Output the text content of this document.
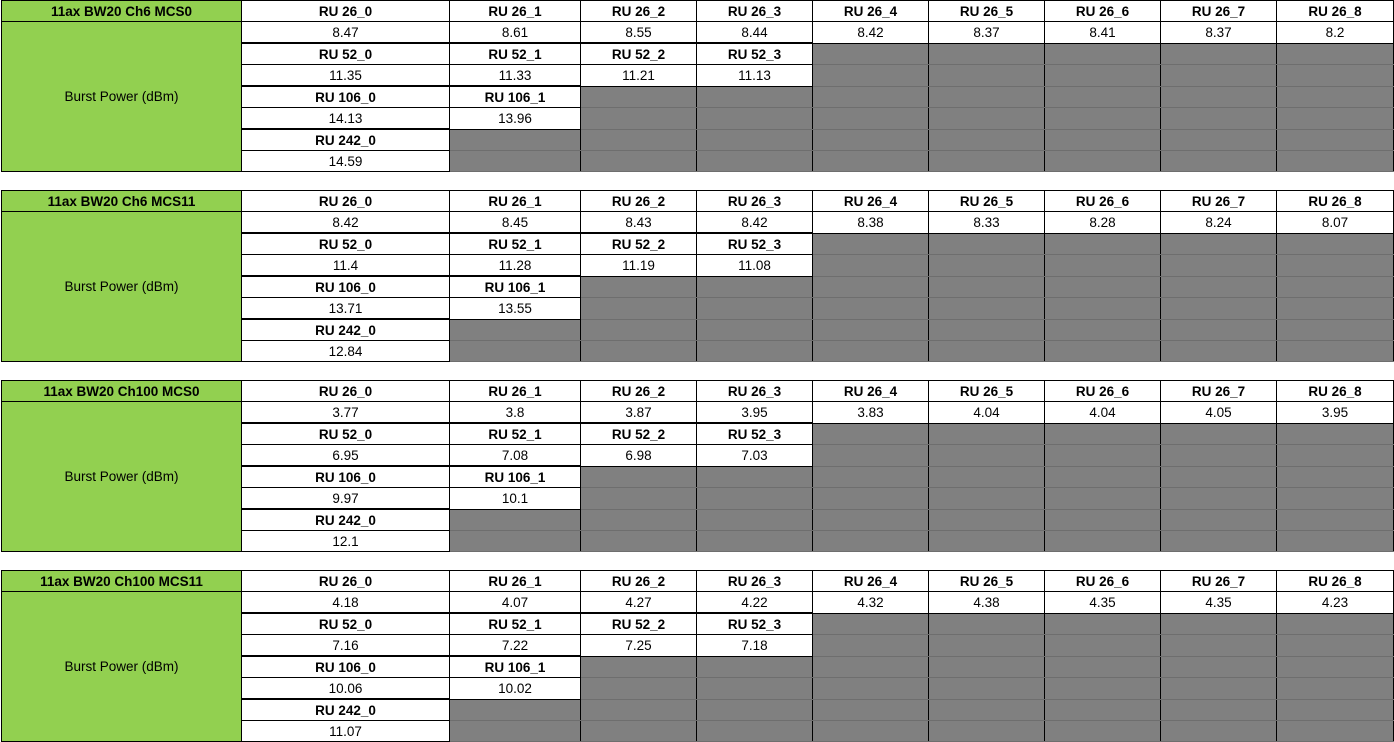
11ax BW20 Ch6 MCS0	RU 26_0	RU 26_1	RU 26_2	RU 26_3	RU 26_4	RU 26_5	RU 26_6	RU 26_7	RU 26_8
Burst Power (dBm)	8.47	8.61	8.55	8.44	8.42	8.37	8.41	8.37	8.2
	RU 52_0	RU 52_1	RU 52_2	RU 52_3					
	11.35	11.33	11.21	11.13					
	RU 106_0	RU 106_1							
	14.13	13.96							
	RU 242_0								
	14.59								
11ax BW20 Ch6 MCS11	RU 26_0	RU 26_1	RU 26_2	RU 26_3	RU 26_4	RU 26_5	RU 26_6	RU 26_7	RU 26_8
Burst Power (dBm)	8.42	8.45	8.43	8.42	8.38	8.33	8.28	8.24	8.07
	RU 52_0	RU 52_1	RU 52_2	RU 52_3					
	11.4	11.28	11.19	11.08					
	RU 106_0	RU 106_1							
	13.71	13.55							
	RU 242_0								
	12.84								
11ax BW20 Ch100 MCS0	RU 26_0	RU 26_1	RU 26_2	RU 26_3	RU 26_4	RU 26_5	RU 26_6	RU 26_7	RU 26_8
Burst Power (dBm)	3.77	3.8	3.87	3.95	3.83	4.04	4.04	4.05	3.95
	RU 52_0	RU 52_1	RU 52_2	RU 52_3					
	6.95	7.08	6.98	7.03					
	RU 106_0	RU 106_1							
	9.97	10.1							
	RU 242_0								
	12.1								
11ax BW20 Ch100 MCS11	RU 26_0	RU 26_1	RU 26_2	RU 26_3	RU 26_4	RU 26_5	RU 26_6	RU 26_7	RU 26_8
Burst Power (dBm)	4.18	4.07	4.27	4.22	4.32	4.38	4.35	4.35	4.23
	RU 52_0	RU 52_1	RU 52_2	RU 52_3					
	7.16	7.22	7.25	7.18					
	RU 106_0	RU 106_1							
	10.06	10.02							
	RU 242_0								
	11.07								
